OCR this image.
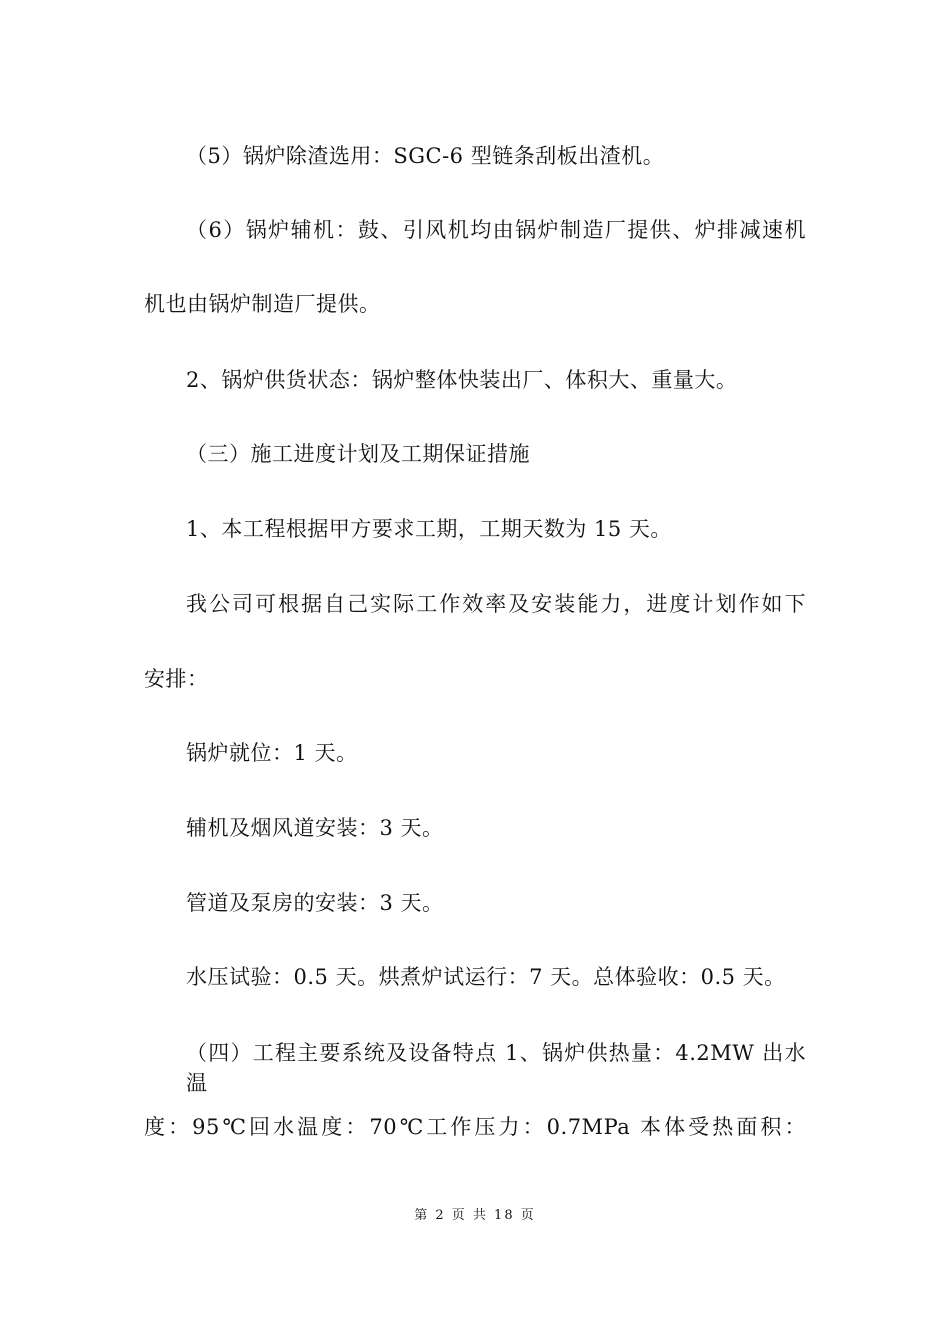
（5）锅炉除渣选用：SGC-6 型链条刮板出渣机。
（6）锅炉辅机：鼓、引风机均由锅炉制造厂提供、炉排减速机
机也由锅炉制造厂提供。
2、锅炉供货状态：锅炉整体快装出厂、体积大、重量大。
（三）施工进度计划及工期保证措施
1、本工程根据甲方要求工期，工期天数为 15 天。
我公司可根据自己实际工作效率及安装能力，进度计划作如下
安排：
锅炉就位：1 天。
辅机及烟风道安装：3 天。
管道及泵房的安装：3 天。
水压试验：0.5 天。烘煮炉试运行：7 天。总体验收：0.5 天。
（四）工程主要系统及设备特点 1、锅炉供热量：4.2MW 出水温
度：95℃回水温度：70℃工作压力：0.7MPa 本体受热面积：
第 2 页 共 18 页
